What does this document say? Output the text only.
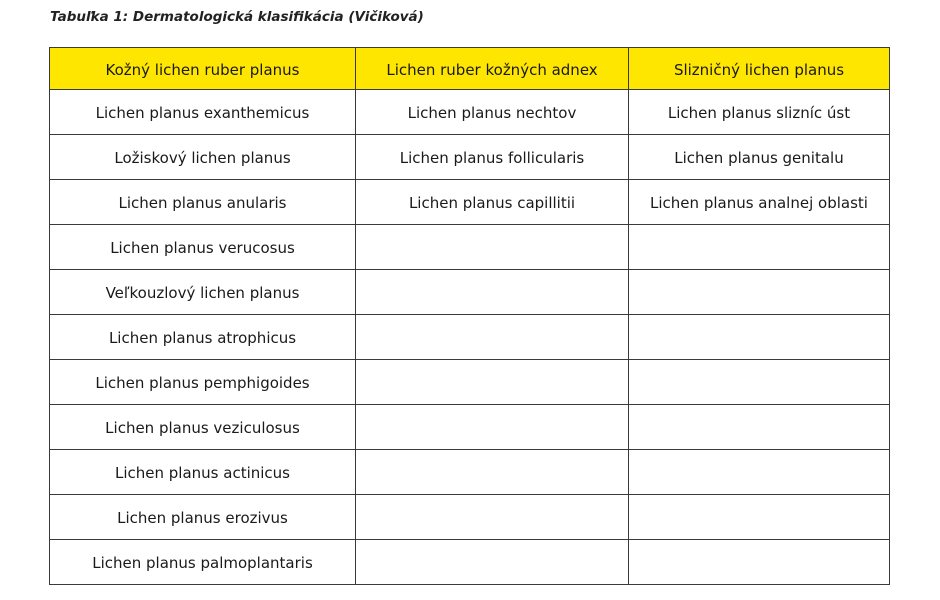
Tabuľka 1: Dermatologická klasifikácia (Vičiková)
Kožný lichen ruber planus	Lichen ruber kožných adnex	Slizničný lichen planus
Lichen planus exanthemicus	Lichen planus nechtov	Lichen planus slizníc úst
Ložiskový lichen planus	Lichen planus follicularis	Lichen planus genitalu
Lichen planus anularis	Lichen planus capillitii	Lichen planus analnej oblasti
Lichen planus verucosus		
Veľkouzlový lichen planus		
Lichen planus atrophicus		
Lichen planus pemphigoides		
Lichen planus veziculosus		
Lichen planus actinicus		
Lichen planus erozivus		
Lichen planus palmoplantaris		
